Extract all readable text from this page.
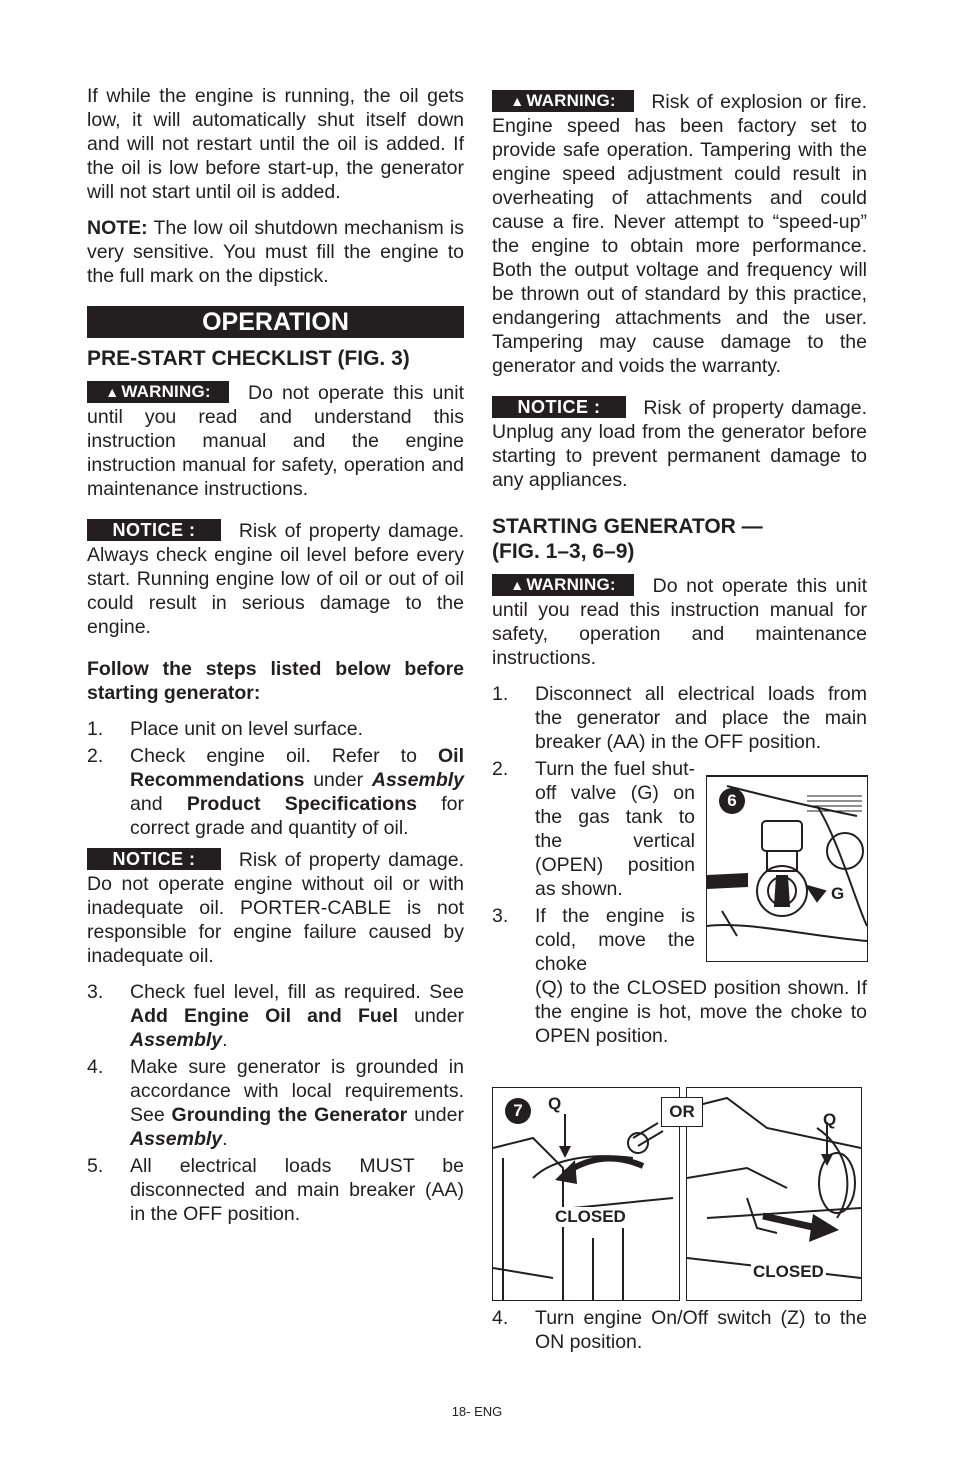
If while the engine is running, the oil gets low, it will automatically shut itself down and will not restart until the oil is added. If the oil is low before start-up, the generator will not start until oil is added.

NOTE: The low oil shutdown mechanism is very sensitive. You must fill the engine to the full mark on the dipstick.

OPERATION
PRE-START CHECKLIST (FIG. 3)

▲ WARNING: Do not operate this unit until you read and understand this instruction manual and the engine instruction manual for safety, operation and maintenance instructions.

NOTICE : Risk of property damage. Always check engine oil level before every start. Running engine low of oil or out of oil could result in serious damage to the engine.

Follow the steps listed below before starting generator:

1. Place unit on level surface.
2. Check engine oil. Refer to Oil Recommendations under Assembly and Product Specifications for correct grade and quantity of oil.

NOTICE : Risk of property damage. Do not operate engine without oil or with inadequate oil. PORTER-CABLE is not responsible for engine failure caused by inadequate oil.

3. Check fuel level, fill as required. See Add Engine Oil and Fuel under Assembly.
4. Make sure generator is grounded in accordance with local requirements. See Grounding the Generator under Assembly.
5. All electrical loads MUST be disconnected and main breaker (AA) in the OFF position.

▲ WARNING: Risk of explosion or fire. Engine speed has been factory set to provide safe operation. Tampering with the engine speed adjustment could result in overheating of attachments and could cause a fire. Never attempt to “speed-up” the engine to obtain more performance. Both the output voltage and frequency will be thrown out of standard by this practice, endangering attachments and the user. Tampering may cause damage to the generator and voids the warranty.

NOTICE : Risk of property damage. Unplug any load from the generator before starting to prevent permanent damage to any appliances.

STARTING GENERATOR —
(FIG. 1–3, 6–9)

▲ WARNING: Do not operate this unit until you read this instruction manual for safety, operation and maintenance instructions.

1. Disconnect all electrical loads from the generator and place the main breaker (AA) in the OFF position.
2. Turn the fuel shut-off valve (G) on the gas tank to the vertical (OPEN) position as shown.
3. If the engine is cold, move the choke
(Q) to the CLOSED position shown. If the engine is hot, move the choke to OPEN position.
6
G
7	Q
CLOSED
Q
CLOSED
OR
4. Turn engine On/Off switch (Z) to the ON position.
18- ENG
